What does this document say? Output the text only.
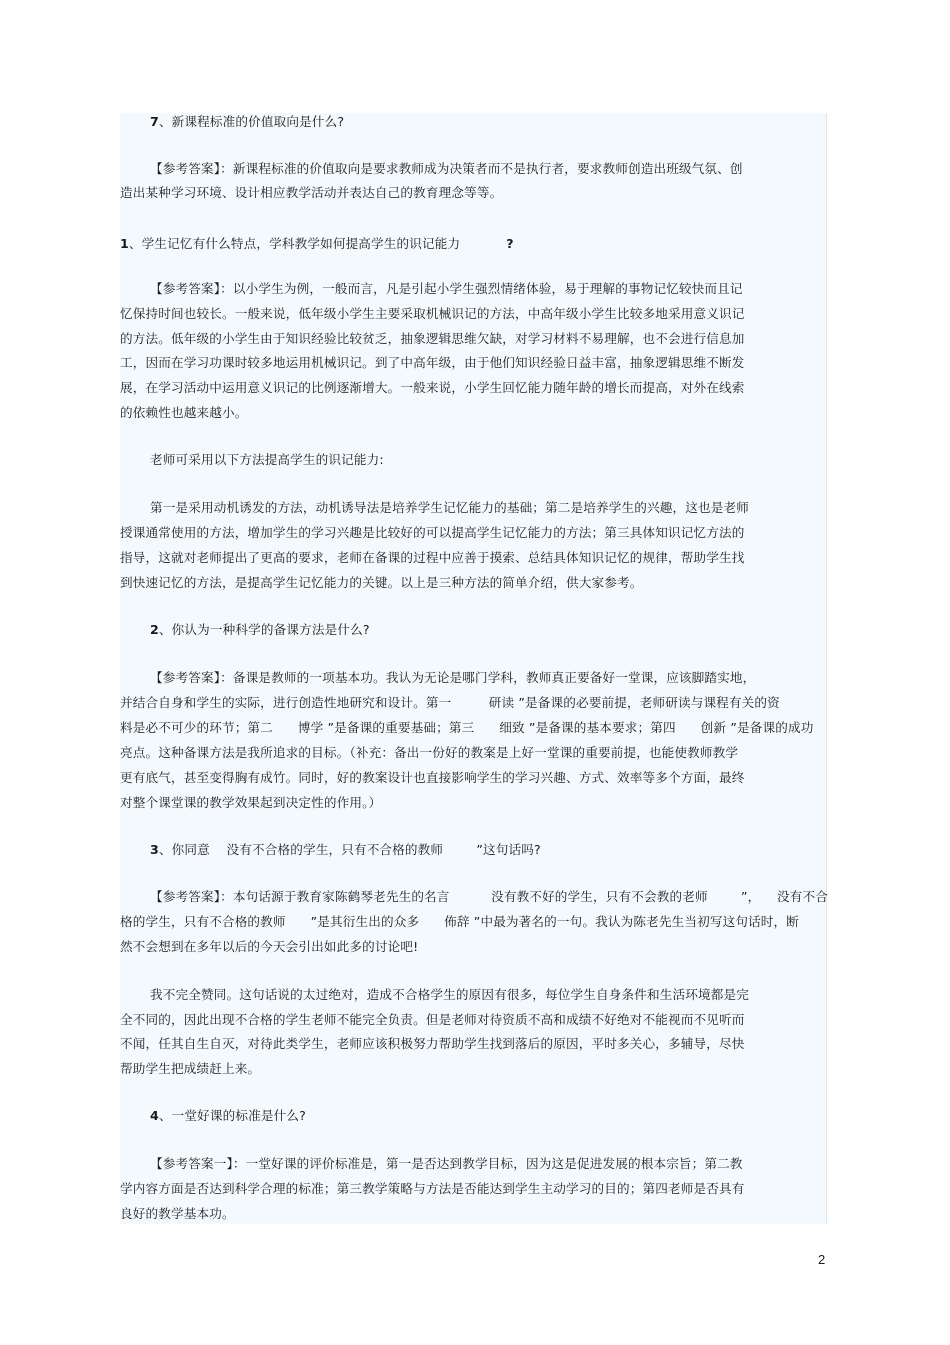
7、新课程标准的价值取向是什么?
【参考答案】：新课程标准的价值取向是要求教师成为决策者而不是执行者，要求教师创造出班级气氛、创
造出某种学习环境、设计相应教学活动并表达自己的教育理念等等。
1、学生记忆有什么特点，学科教学如何提高学生的识记能力	?
【参考答案】：以小学生为例，一般而言，凡是引起小学生强烈情绪体验，易于理解的事物记忆较快而且记
忆保持时间也较长。一般来说，低年级小学生主要采取机械识记的方法，中高年级小学生比较多地采用意义识记
的方法。低年级的小学生由于知识经验比较贫乏，抽象逻辑思维欠缺，对学习材料不易理解，也不会进行信息加
工，因而在学习功课时较多地运用机械识记。到了中高年级，由于他们知识经验日益丰富，抽象逻辑思维不断发
展，在学习活动中运用意义识记的比例逐渐增大。一般来说，小学生回忆能力随年龄的增长而提高，对外在线索
的依赖性也越来越小。
老师可采用以下方法提高学生的识记能力:
第一是采用动机诱发的方法，动机诱导法是培养学生记忆能力的基础；第二是培养学生的兴趣，这也是老师
授课通常使用的方法，增加学生的学习兴趣是比较好的可以提高学生记忆能力的方法；第三具体知识记忆方法的
指导，这就对老师提出了更高的要求，老师在备课的过程中应善于摸索、总结具体知识记忆的规律，帮助学生找
到快速记忆的方法，是提高学生记忆能力的关键。以上是三种方法的简单介绍，供大家参考。
2、你认为一种科学的备课方法是什么?
【参考答案】：备课是教师的一项基本功。我认为无论是哪门学科，教师真正要备好一堂课，应该脚踏实地，
并结合自身和学生的实际，进行创造性地研究和设计。第一         研读 ”是备课的必要前提，老师研读与课程有关的资
料是必不可少的环节；第二      博学 ”是备课的重要基础；第三      细致 ”是备课的基本要求；第四      创新 ”是备课的成功
亮点。这种备课方法是我所追求的目标。（补充：备出一份好的教案是上好一堂课的重要前提，也能使教师教学
更有底气，甚至变得胸有成竹。同时，好的教案设计也直接影响学生的学习兴趣、方式、效率等多个方面，最终
对整个课堂课的教学效果起到决定性的作用。）
3、你同意    没有不合格的学生，只有不合格的教师        ”这句话吗?
【参考答案】：本句话源于教育家陈鹤琴老先生的名言          没有教不好的学生，只有不会教的老师        ”，    没有不合
格的学生，只有不合格的教师      ”是其衍生出的众多      佈辞 ”中最为著名的一句。我认为陈老先生当初写这句话时，断
然不会想到在多年以后的今天会引出如此多的讨论吧!
我不完全赞同。这句话说的太过绝对，造成不合格学生的原因有很多，每位学生自身条件和生活环境都是完
全不同的，因此出现不合格的学生老师不能完全负责。但是老师对待资质不高和成绩不好绝对不能视而不见听而
不闻，任其自生自灭，对待此类学生，老师应该积极努力帮助学生找到落后的原因，平时多关心，多辅导，尽快
帮助学生把成绩赶上来。
4、一堂好课的标准是什么?
【参考答案一】：一堂好课的评价标准是，第一是否达到教学目标，因为这是促进发展的根本宗旨；第二教
学内容方面是否达到科学合理的标准；第三教学策略与方法是否能达到学生主动学习的目的；第四老师是否具有
良好的教学基本功。
2
